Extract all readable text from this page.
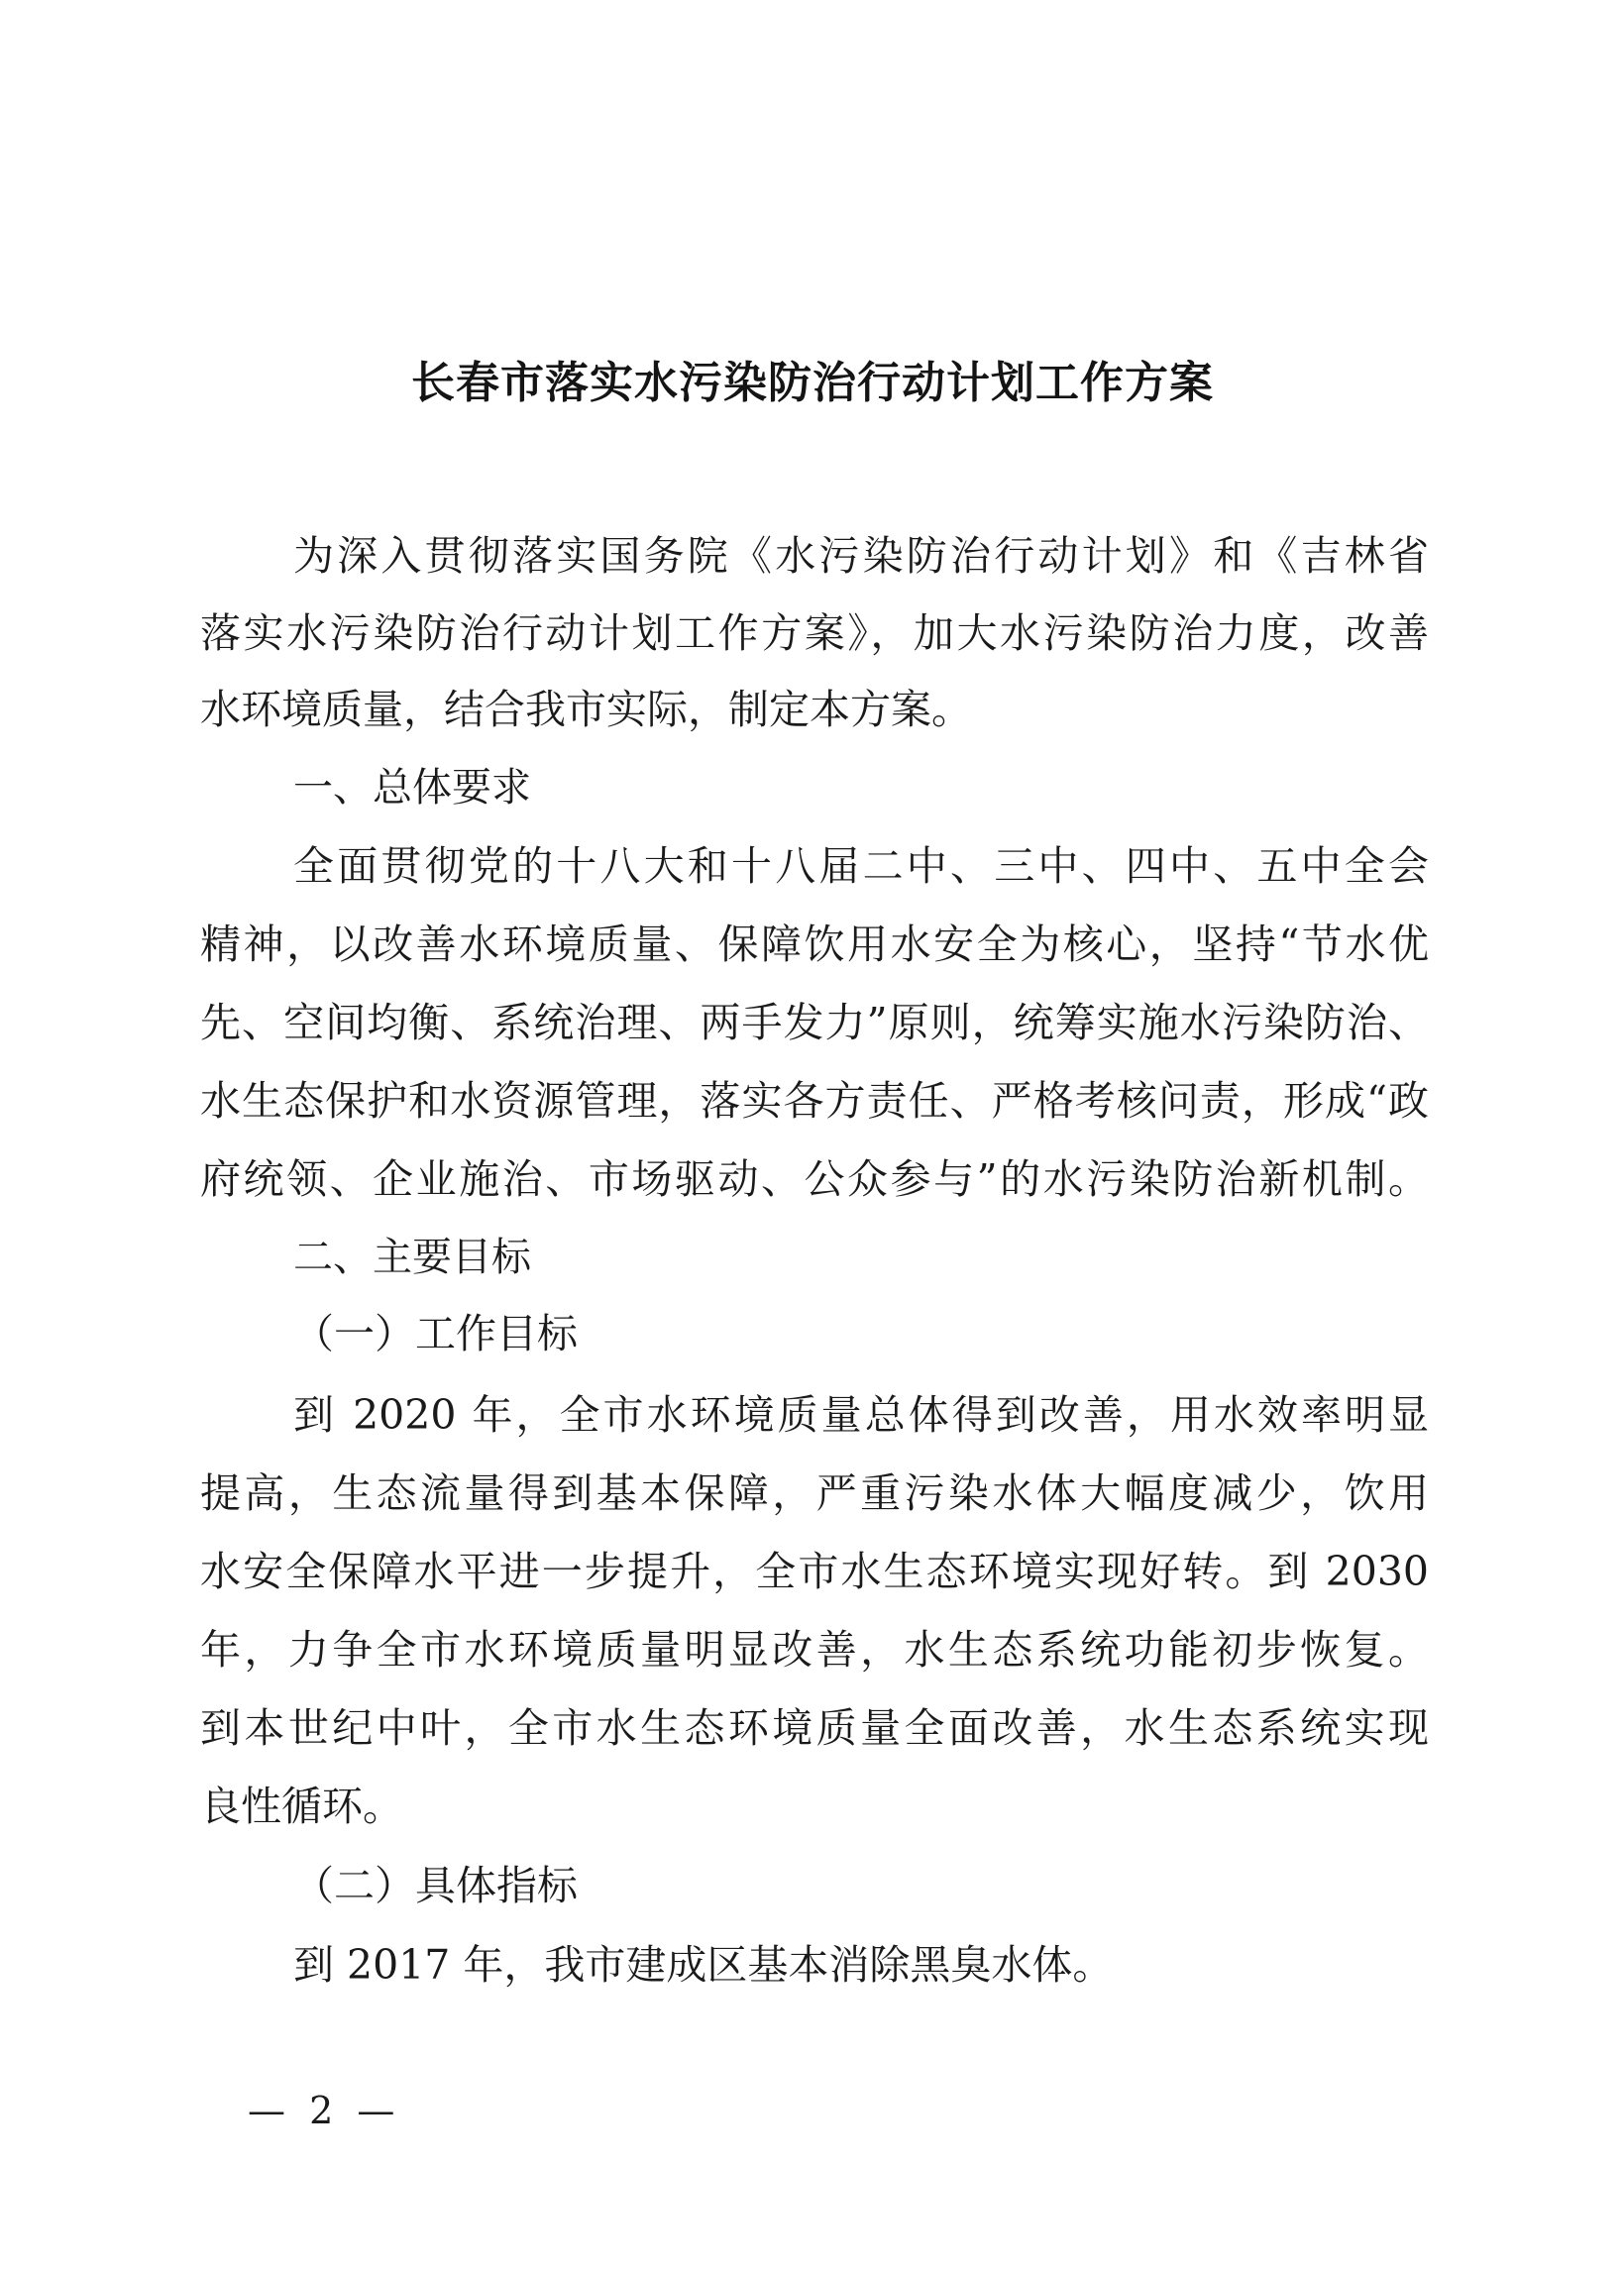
长春市落实水污染防治行动计划工作方案
为深入贯彻落实国务院《水污染防治行动计划》和《吉林省
落实水污染防治行动计划工作方案》，加大水污染防治力度，改善
水环境质量，结合我市实际，制定本方案。
一、总体要求
全面贯彻党的十八大和十八届二中、三中、四中、五中全会
精神，以改善水环境质量、保障饮用水安全为核心，坚持“节水优
先、空间均衡、系统治理、两手发力”原则，统筹实施水污染防治、
水生态保护和水资源管理，落实各方责任、严格考核问责，形成“政
府统领、企业施治、市场驱动、公众参与”的水污染防治新机制。
二、主要目标
（一）工作目标
到 2020 年，全市水环境质量总体得到改善，用水效率明显
提高，生态流量得到基本保障，严重污染水体大幅度减少，饮用
水安全保障水平进一步提升，全市水生态环境实现好转。到 2030
年，力争全市水环境质量明显改善，水生态系统功能初步恢复。
到本世纪中叶，全市水生态环境质量全面改善，水生态系统实现
良性循环。
（二）具体指标
到 2017 年，我市建成区基本消除黑臭水体。
— 2 —
